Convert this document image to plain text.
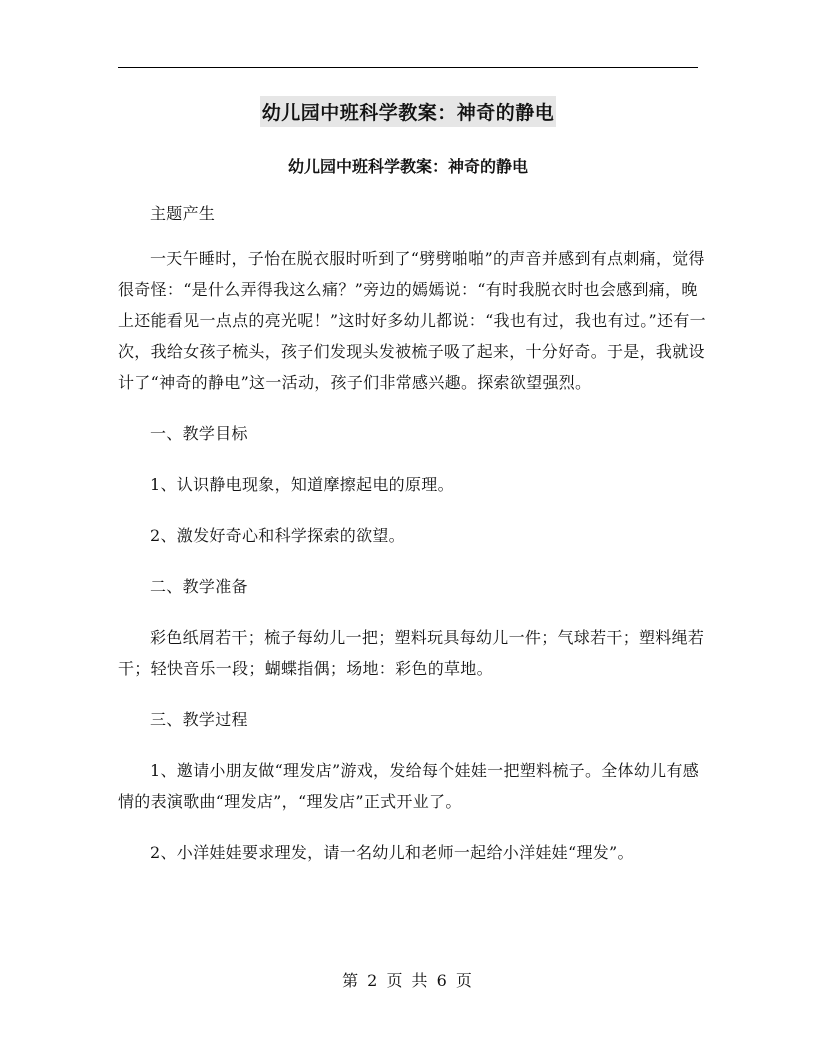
幼儿园中班科学教案：神奇的静电
幼儿园中班科学教案：神奇的静电

主题产生

一天午睡时，子怡在脱衣服时听到了“劈劈啪啪”的声音并感到有点刺痛，觉得很奇怪：“是什么弄得我这么痛？”旁边的嫣嫣说：“有时我脱衣时也会感到痛，晚上还能看见一点点的亮光呢！”这时好多幼儿都说：“我也有过，我也有过。”还有一次，我给女孩子梳头，孩子们发现头发被梳子吸了起来，十分好奇。于是，我就设计了“神奇的静电”这一活动，孩子们非常感兴趣。探索欲望强烈。

一、教学目标

1、认识静电现象，知道摩擦起电的原理。

2、激发好奇心和科学探索的欲望。

二、教学准备

彩色纸屑若干；梳子每幼儿一把；塑料玩具每幼儿一件；气球若干；塑料绳若干；轻快音乐一段；蝴蝶指偶；场地：彩色的草地。

三、教学过程

1、邀请小朋友做“理发店”游戏，发给每个娃娃一把塑料梳子。全体幼儿有感情的表演歌曲“理发店”，“理发店”正式开业了。

2、小洋娃娃要求理发，请一名幼儿和老师一起给小洋娃娃“理发”。

第 2 页 共 6 页
